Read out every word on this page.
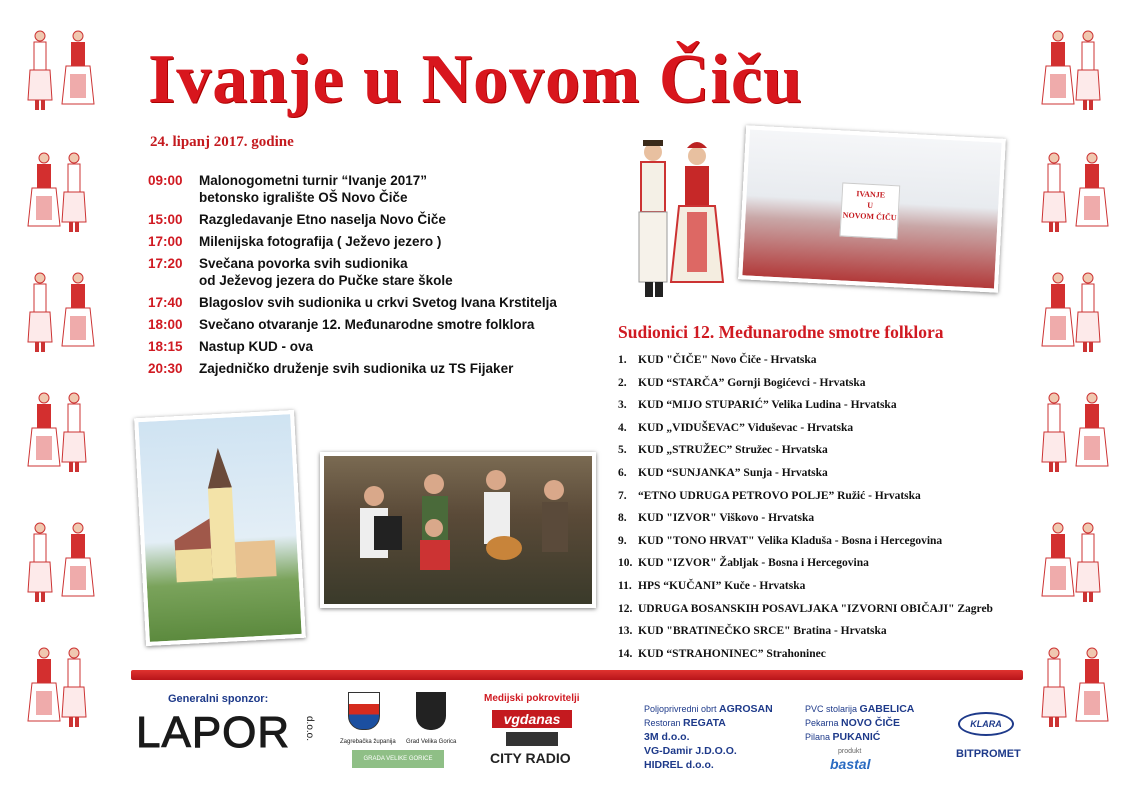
Ivanje u Novom Čiču
24. lipanj 2017. godine
09:00	Malonogometni turnir “Ivanje 2017”
betonsko igralište OŠ Novo Čiče
15:00	Razgledavanje Etno naselja Novo Čiče
17:00	Milenijska fotografija ( Ježevo jezero )
17:20	Svečana povorka svih sudionika
od Ježevog jezera do Pučke stare škole
17:40	Blagoslov svih sudionika u crkvi Svetog Ivana Krstitelja
18:00	Svečano otvaranje 12. Međunarodne smotre folklora
18:15	Nastup KUD - ova
20:30	Zajedničko druženje svih sudionika uz TS Fijaker
IVANJE
U
NOVOM ČIČU
Sudionici 12. Međunarodne smotre folklora
1. KUD "ČIČE" Novo Čiče - Hrvatska
2. KUD “STARČA” Gornji Bogićevci - Hrvatska
3. KUD “MIJO STUPARIĆ” Velika Ludina - Hrvatska
4. KUD „VIDUŠEVAC” Viduševac - Hrvatska
5. KUD „STRUŽEC” Stružec - Hrvatska
6. KUD “SUNJANKA” Sunja - Hrvatska
7. “ETNO UDRUGA PETROVO POLJE” Ružić - Hrvatska
8. KUD "IZVOR" Viškovo - Hrvatska
9. KUD "TONO HRVAT" Velika Kladuša - Bosna i Hercegovina
10. KUD "IZVOR" Žabljak - Bosna i Hercegovina
11. HPS “KUČANI” Kuče - Hrvatska
12. UDRUGA BOSANSKIH POSAVLJAKA "IZVORNI OBIČAJI" Zagreb
13. KUD "BRATINEČKO SRCE" Bratina - Hrvatska
14. KUD “STRAHONINEC” Strahoninec
Generalni sponzor:
LAPOR d.o.o.
Zagrebačka županija Grad Velika Gorica
GRADA VELIKE GORICE
Medijski pokrovitelji
vgdanas
CITY RADIO
Poljoprivredni obrt AGROSAN
Restoran REGATA
3M d.o.o.
VG-Damir J.D.O.O.
HIDREL d.o.o.
PVC stolarija GABELICA
Pekarna NOVO ČIČE
Pilana PUKANIĆ
produkt
bastal
KLARA
BITPROMET
